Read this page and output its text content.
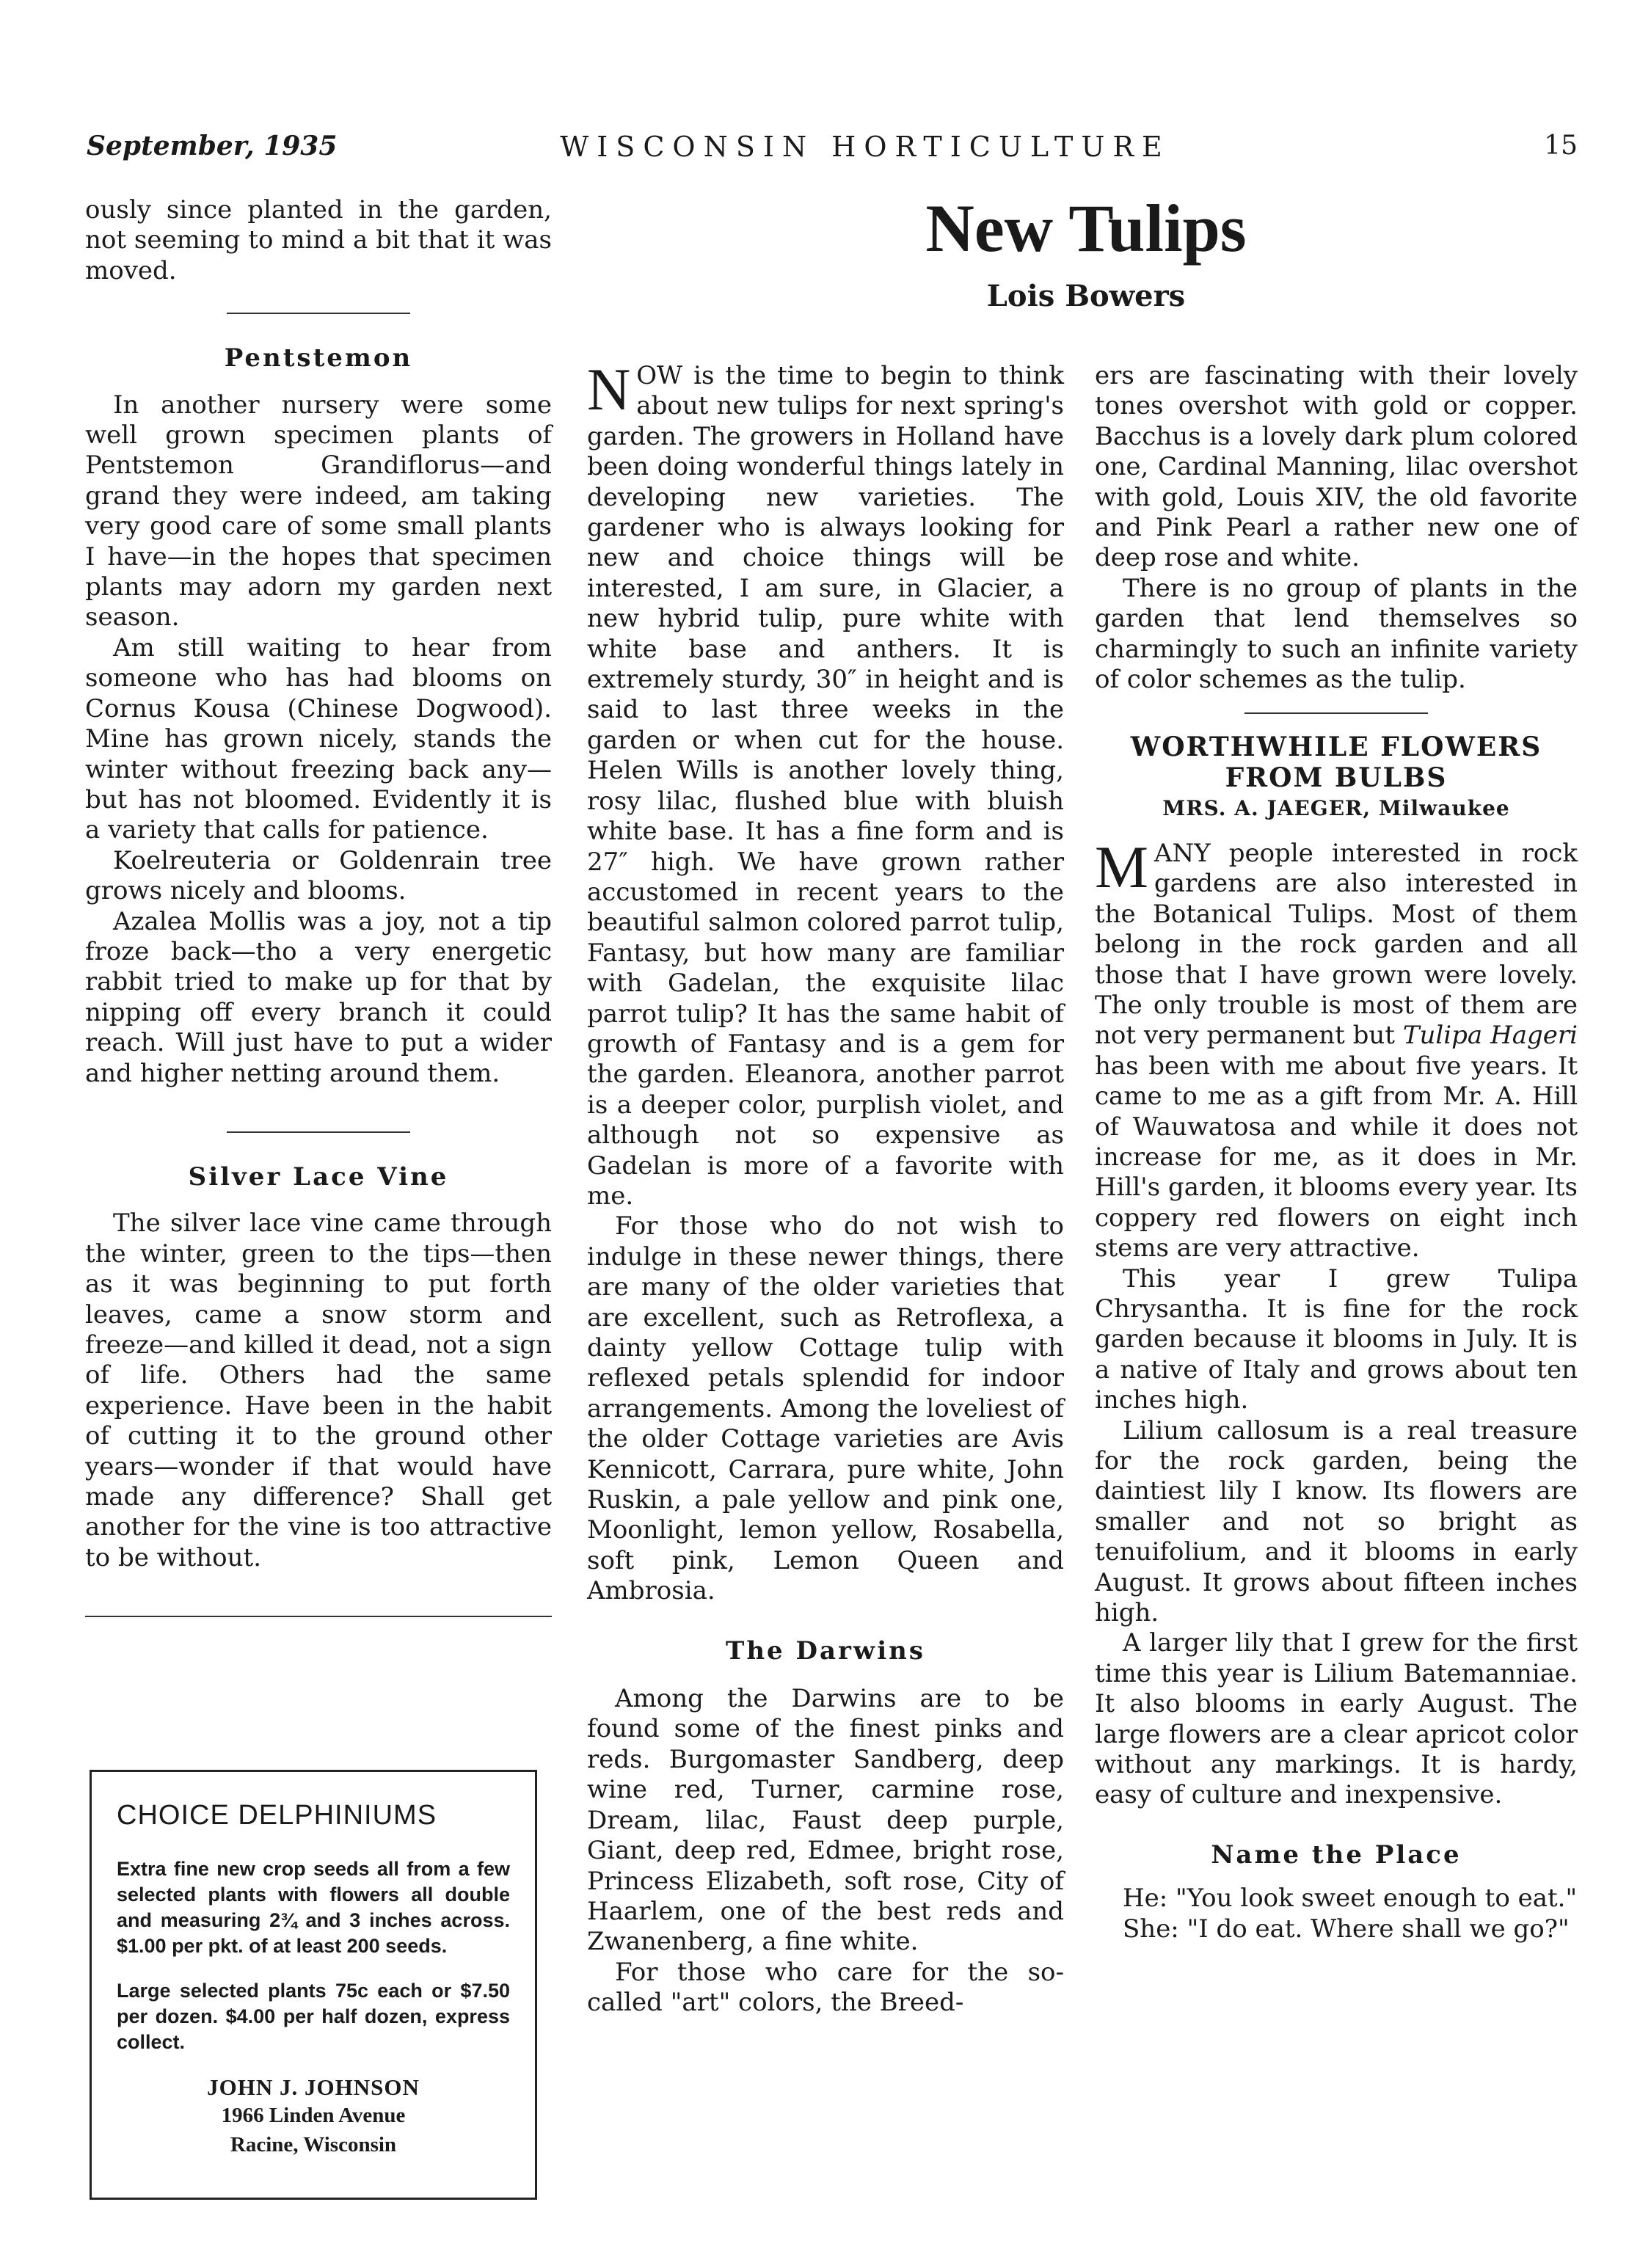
September, 1935	WISCONSIN HORTICULTURE	15

ously since planted in the garden, not seeming to mind a bit that it was moved.

Pentstemon

In another nursery were some well grown specimen plants of Pentstemon Grandiflorus—and grand they were indeed, am taking very good care of some small plants I have—in the hopes that specimen plants may adorn my garden next season.

Am still waiting to hear from someone who has had blooms on Cornus Kousa (Chinese Dogwood). Mine has grown nicely, stands the winter without freezing back any—but has not bloomed. Evidently it is a variety that calls for patience.

Koelreuteria or Goldenrain tree grows nicely and blooms.

Azalea Mollis was a joy, not a tip froze back—tho a very energetic rabbit tried to make up for that by nipping off every branch it could reach. Will just have to put a wider and higher netting around them.

Silver Lace Vine

The silver lace vine came through the winter, green to the tips—then as it was beginning to put forth leaves, came a snow storm and freeze—and killed it dead, not a sign of life. Others had the same experience. Have been in the habit of cutting it to the ground other years—wonder if that would have made any difference? Shall get another for the vine is too attractive to be without.

CHOICE DELPHINIUMS

Extra fine new crop seeds all from a few selected plants with flowers all double and measuring 2¾ and 3 inches across. $1.00 per pkt. of at least 200 seeds.

Large selected plants 75c each or $7.50 per dozen. $4.00 per half dozen, express collect.

JOHN J. JOHNSON
1966 Linden Avenue
Racine, Wisconsin
New Tulips
Lois Bowers

NOW is the time to begin to think about new tulips for next spring's garden. The growers in Holland have been doing wonderful things lately in developing new varieties. The gardener who is always looking for new and choice things will be interested, I am sure, in Glacier, a new hybrid tulip, pure white with white base and anthers. It is extremely sturdy, 30″ in height and is said to last three weeks in the garden or when cut for the house. Helen Wills is another lovely thing, rosy lilac, flushed blue with bluish white base. It has a fine form and is 27″ high. We have grown rather accustomed in recent years to the beautiful salmon colored parrot tulip, Fantasy, but how many are familiar with Gadelan, the exquisite lilac parrot tulip? It has the same habit of growth of Fantasy and is a gem for the garden. Eleanora, another parrot is a deeper color, purplish violet, and although not so expensive as Gadelan is more of a favorite with me.

For those who do not wish to indulge in these newer things, there are many of the older varieties that are excellent, such as Retroflexa, a dainty yellow Cottage tulip with reflexed petals splendid for indoor arrangements. Among the loveliest of the older Cottage varieties are Avis Kennicott, Carrara, pure white, John Ruskin, a pale yellow and pink one, Moonlight, lemon yellow, Rosabella, soft pink, Lemon Queen and Ambrosia.

The Darwins

Among the Darwins are to be found some of the finest pinks and reds. Burgomaster Sandberg, deep wine red, Turner, carmine rose, Dream, lilac, Faust deep purple, Giant, deep red, Edmee, bright rose, Princess Elizabeth, soft rose, City of Haarlem, one of the best reds and Zwanenberg, a fine white.

For those who care for the so-called "art" colors, the Breed-

ers are fascinating with their lovely tones overshot with gold or copper. Bacchus is a lovely dark plum colored one, Cardinal Manning, lilac overshot with gold, Louis XIV, the old favorite and Pink Pearl a rather new one of deep rose and white.

There is no group of plants in the garden that lend themselves so charmingly to such an infinite variety of color schemes as the tulip.

WORTHWHILE FLOWERS
FROM BULBS
MRS. A. JAEGER, Milwaukee

MANY people interested in rock gardens are also interested in the Botanical Tulips. Most of them belong in the rock garden and all those that I have grown were lovely. The only trouble is most of them are not very permanent but Tulipa Hageri has been with me about five years. It came to me as a gift from Mr. A. Hill of Wauwatosa and while it does not increase for me, as it does in Mr. Hill's garden, it blooms every year. Its coppery red flowers on eight inch stems are very attractive.

This year I grew Tulipa Chrysantha. It is fine for the rock garden because it blooms in July. It is a native of Italy and grows about ten inches high.

Lilium callosum is a real treasure for the rock garden, being the daintiest lily I know. Its flowers are smaller and not so bright as tenuifolium, and it blooms in early August. It grows about fifteen inches high.

A larger lily that I grew for the first time this year is Lilium Batemanniae. It also blooms in early August. The large flowers are a clear apricot color without any markings. It is hardy, easy of culture and inexpensive.

Name the Place

He: "You look sweet enough to eat."

She: "I do eat. Where shall we go?"
